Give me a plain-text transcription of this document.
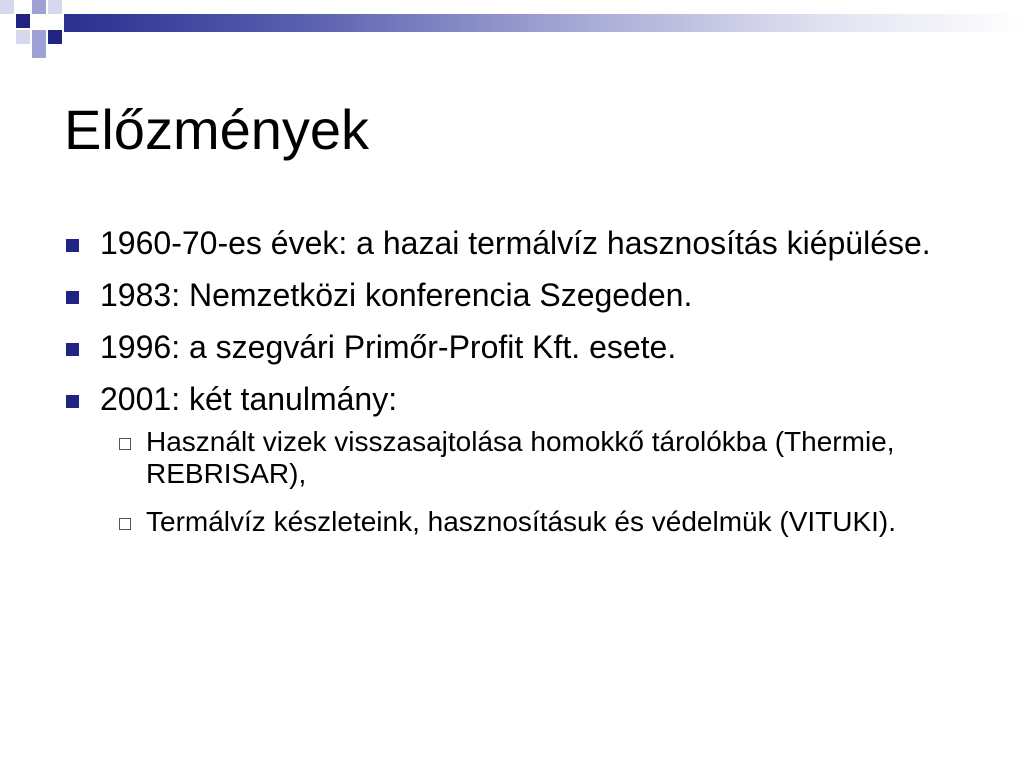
Előzmények
1960-70-es évek: a hazai termálvíz hasznosítás kiépülése.
1983: Nemzetközi konferencia Szegeden.
1996: a szegvári Primőr-Profit Kft. esete.
2001: két tanulmány:
Használt vizek visszasajtolása homokkő tárolókba (Thermie, REBRISAR),
Termálvíz készleteink, hasznosításuk és védelmük (VITUKI).
